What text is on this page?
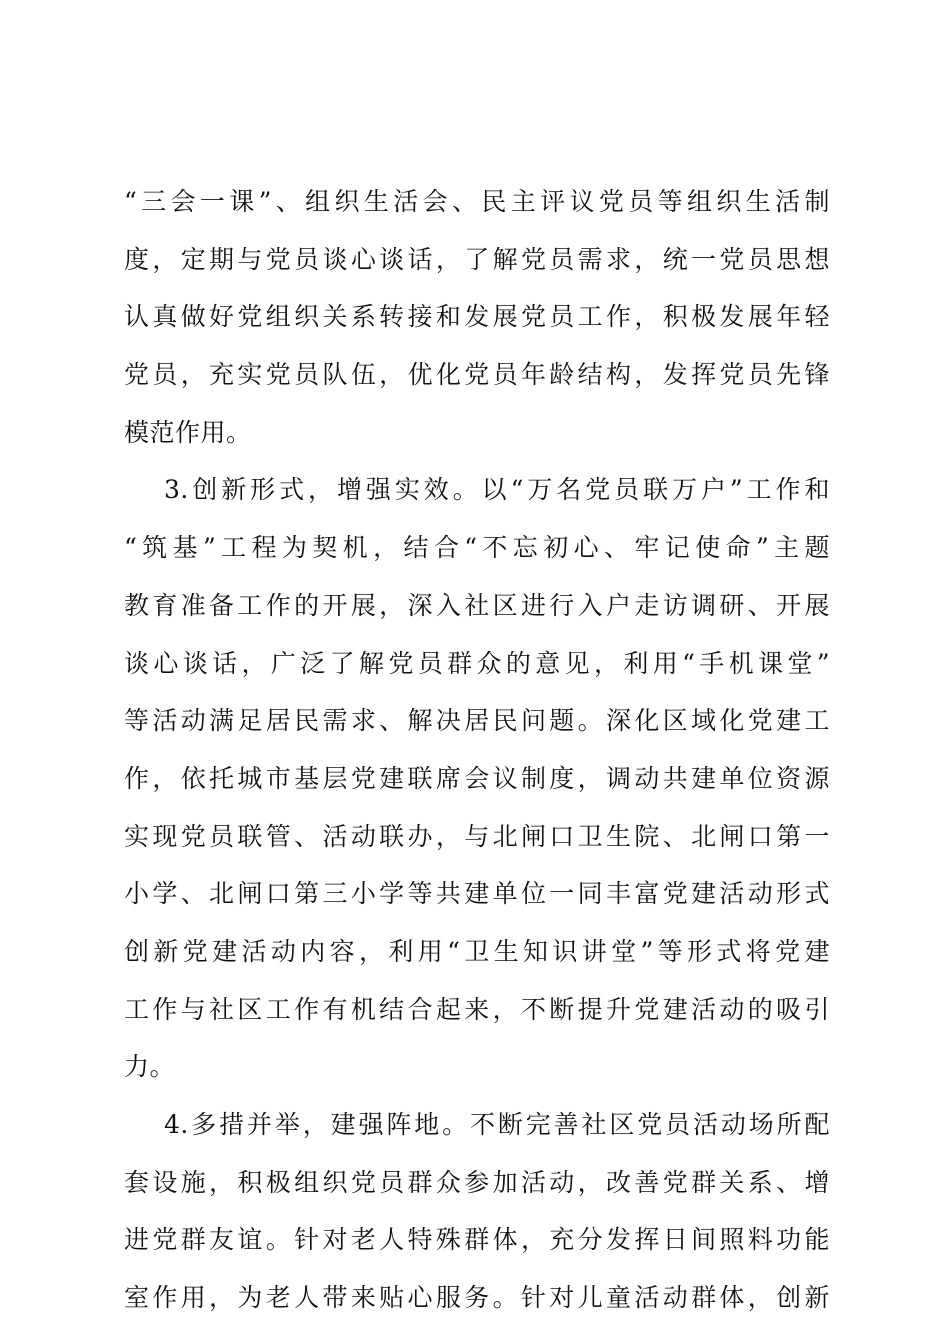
“三会一课”、组织生活会、民主评议党员等组织生活制
度，定期与党员谈心谈话，了解党员需求，统一党员思想
认真做好党组织关系转接和发展党员工作，积极发展年轻
党员，充实党员队伍，优化党员年龄结构，发挥党员先锋
模范作用。
3.创新形式，增强实效。以“万名党员联万户”工作和
“筑基”工程为契机，结合“不忘初心、牢记使命”主题
教育准备工作的开展，深入社区进行入户走访调研、开展
谈心谈话，广泛了解党员群众的意见，利用“手机课堂”
等活动满足居民需求、解决居民问题。深化区域化党建工
作，依托城市基层党建联席会议制度，调动共建单位资源
实现党员联管、活动联办，与北闸口卫生院、北闸口第一
小学、北闸口第三小学等共建单位一同丰富党建活动形式
创新党建活动内容，利用“卫生知识讲堂”等形式将党建
工作与社区工作有机结合起来，不断提升党建活动的吸引
力。
4.多措并举，建强阵地。不断完善社区党员活动场所配
套设施，积极组织党员群众参加活动，改善党群关系、增
进党群友谊。针对老人特殊群体，充分发挥日间照料功能
室作用，为老人带来贴心服务。针对儿童活动群体，创新
